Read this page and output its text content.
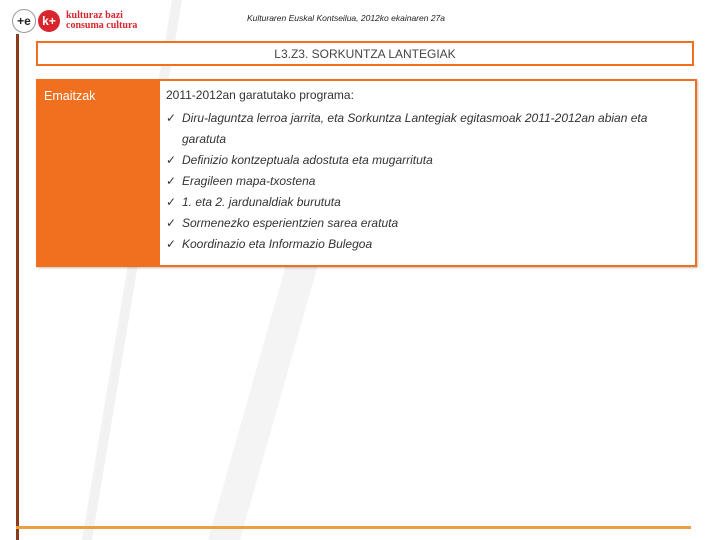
+e k+	kulturaz bazi
consuma cultura
Kulturaren Euskal Kontseilua, 2012ko ekainaren 27a
L3.Z3. SORKUNTZA LANTEGIAK
Emaitzak	2011-2012an garatutako programa:

✓ Diru-laguntza lerroa jarrita, eta Sorkuntza Lantegiak egitasmoak 2011-2012an abian eta garatuta
✓ Definizio kontzeptuala adostuta eta mugarrituta
✓ Eragileen mapa-txostena
✓ 1. eta 2. jardunaldiak burututa
✓ Sormenezko esperientzien sarea eratuta
✓ Koordinazio eta Informazio Bulegoa
